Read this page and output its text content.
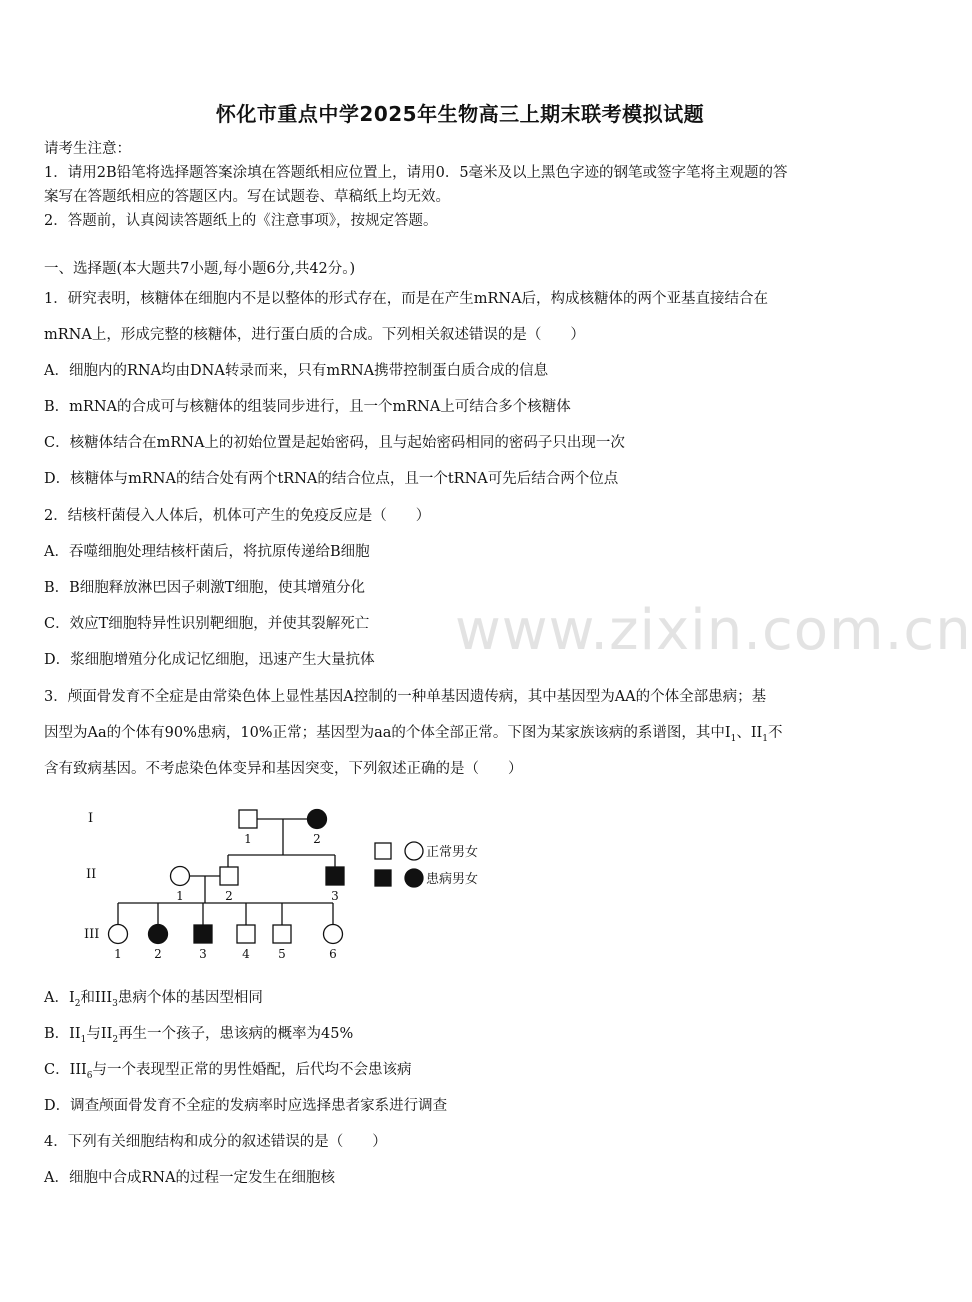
www.zixin.com.cn
怀化市重点中学2025年生物高三上期末联考模拟试题
请考生注意：
1．请用2B铅笔将选择题答案涂填在答题纸相应位置上，请用0．5毫米及以上黑色字迹的钢笔或签字笔将主观题的答
案写在答题纸相应的答题区内。写在试题卷、草稿纸上均无效。
2．答题前，认真阅读答题纸上的《注意事项》，按规定答题。
一、选择题(本大题共7小题,每小题6分,共42分。)
1．研究表明，核糖体在细胞内不是以整体的形式存在，而是在产生mRNA后，构成核糖体的两个亚基直接结合在
mRNA上，形成完整的核糖体，进行蛋白质的合成。下列相关叙述错误的是（　　）
A．细胞内的RNA均由DNA转录而来，只有mRNA携带控制蛋白质合成的信息
B．mRNA的合成可与核糖体的组装同步进行，且一个mRNA上可结合多个核糖体
C．核糖体结合在mRNA上的初始位置是起始密码，且与起始密码相同的密码子只出现一次
D．核糖体与mRNA的结合处有两个tRNA的结合位点，且一个tRNA可先后结合两个位点
2．结核杆菌侵入人体后，机体可产生的免疫反应是（　　）
A．吞噬细胞处理结核杆菌后，将抗原传递给B细胞
B．B细胞释放淋巴因子刺激T细胞，使其增殖分化
C．效应T细胞特异性识别靶细胞，并使其裂解死亡
D．浆细胞增殖分化成记忆细胞，迅速产生大量抗体
3．颅面骨发育不全症是由常染色体上显性基因A控制的一种单基因遗传病，其中基因型为AA的个体全部患病；基
因型为Aa的个体有90%患病，10%正常；基因型为aa的个体全部正常。下图为某家族该病的系谱图，其中$I_1$、$II_1$不
含有致病基因。不考虑染色体变异和基因突变，下列叙述正确的是（　　）
I
II
III
1	2
1	2	3
1	2	3	4 5	6
正常男女
患病男女
A．$I_2$和$III_3$患病个体的基因型相同
B．$II_1$与$II_2$再生一个孩子，患该病的概率为45%
C．$III_6$与一个表现型正常的男性婚配，后代均不会患该病
D．调查颅面骨发育不全症的发病率时应选择患者家系进行调查
4．下列有关细胞结构和成分的叙述错误的是（　　）
A．细胞中合成RNA的过程一定发生在细胞核
